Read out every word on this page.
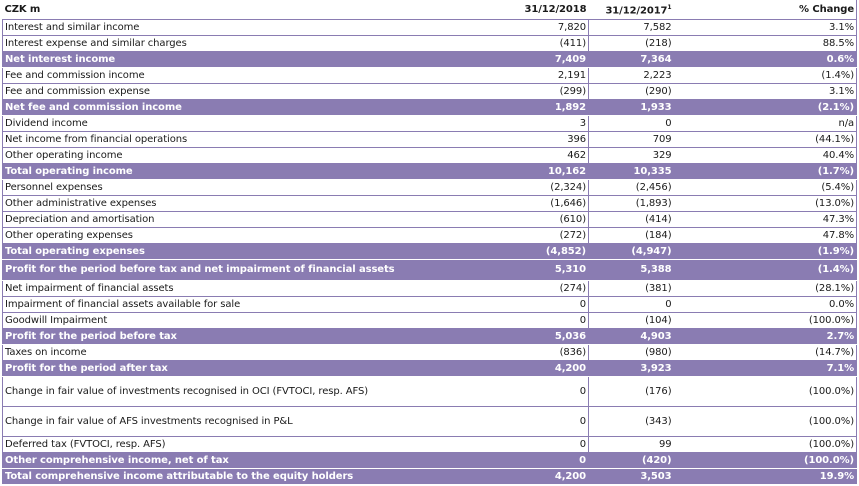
CZK m	31/12/2018	31/12/2017$^1$		% Change
Interest and similar income	7,820	7,582		3.1%
Interest expense and similar charges	(411)	(218)		88.5%
Net interest income	7,409	7,364		0.6%
Fee and commission income	2,191	2,223		(1.4%)
Fee and commission expense	(299)	(290)		3.1%
Net fee and commission income	1,892	1,933		(2.1%)
Dividend income	3	0		n/a
Net income from financial operations	396	709		(44.1%)
Other operating income	462	329		40.4%
Total operating income	10,162	10,335		(1.7%)
Personnel expenses	(2,324)	(2,456)		(5.4%)
Other administrative expenses	(1,646)	(1,893)		(13.0%)
Depreciation and amortisation	(610)	(414)		47.3%
Other operating expenses	(272)	(184)		47.8%
Total operating expenses	(4,852)	(4,947)		(1.9%)
Profit for the period before tax and net impairment of financial assets	5,310	5,388		(1.4%)
Net impairment of financial assets	(274)	(381)		(28.1%)
Impairment of financial assets available for sale	0	0		0.0%
Goodwill Impairment	0	(104)		(100.0%)
Profit for the period before tax	5,036	4,903		2.7%
Taxes on income	(836)	(980)		(14.7%)
Profit for the period after tax	4,200	3,923		7.1%
Change in fair value of investments recognised in OCI (FVTOCI, resp. AFS)	0	(176)		(100.0%)
Change in fair value of AFS investments recognised in P&L	0	(343)		(100.0%)
Deferred tax (FVTOCI, resp. AFS)	0	99		(100.0%)
Other comprehensive income, net of tax	0	(420)		(100.0%)
Total comprehensive income attributable to the equity holders	4,200	3,503		19.9%
